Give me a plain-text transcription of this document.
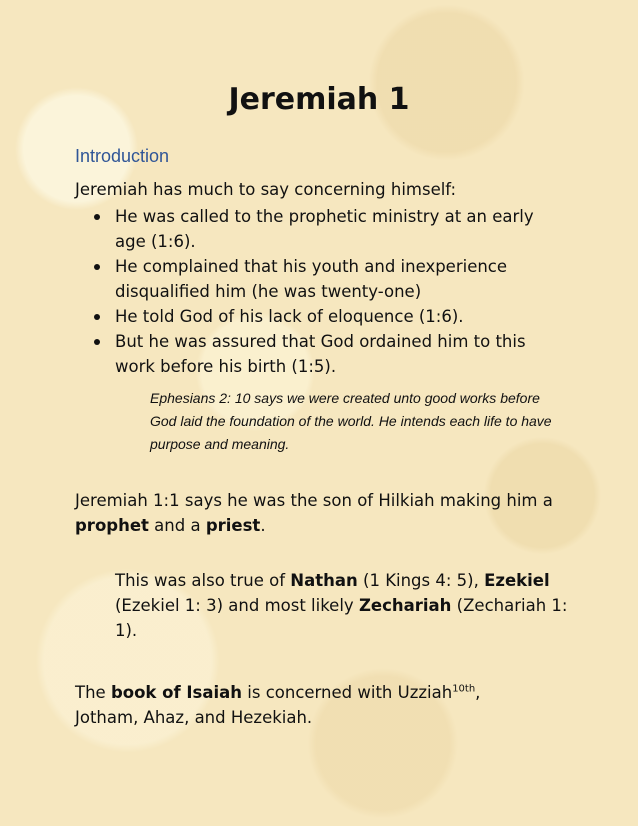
Jeremiah 1
Introduction
Jeremiah has much to say concerning himself:
He was called to the prophetic ministry at an early age (1:6).
He complained that his youth and inexperience disqualified him (he was twenty-one)
He told God of his lack of eloquence (1:6).
But he was assured that God ordained him to this work before his birth (1:5).
Ephesians 2: 10 says we were created unto good works before God laid the foundation of the world. He intends each life to have purpose and meaning.
Jeremiah 1:1 says he was the son of Hilkiah making him a prophet and a priest.
This was also true of Nathan (1 Kings 4: 5), Ezekiel (Ezekiel 1: 3) and most likely Zechariah (Zechariah 1: 1).
The book of Isaiah is concerned with Uzziah$^{10th}$, Jotham, Ahaz, and Hezekiah.
